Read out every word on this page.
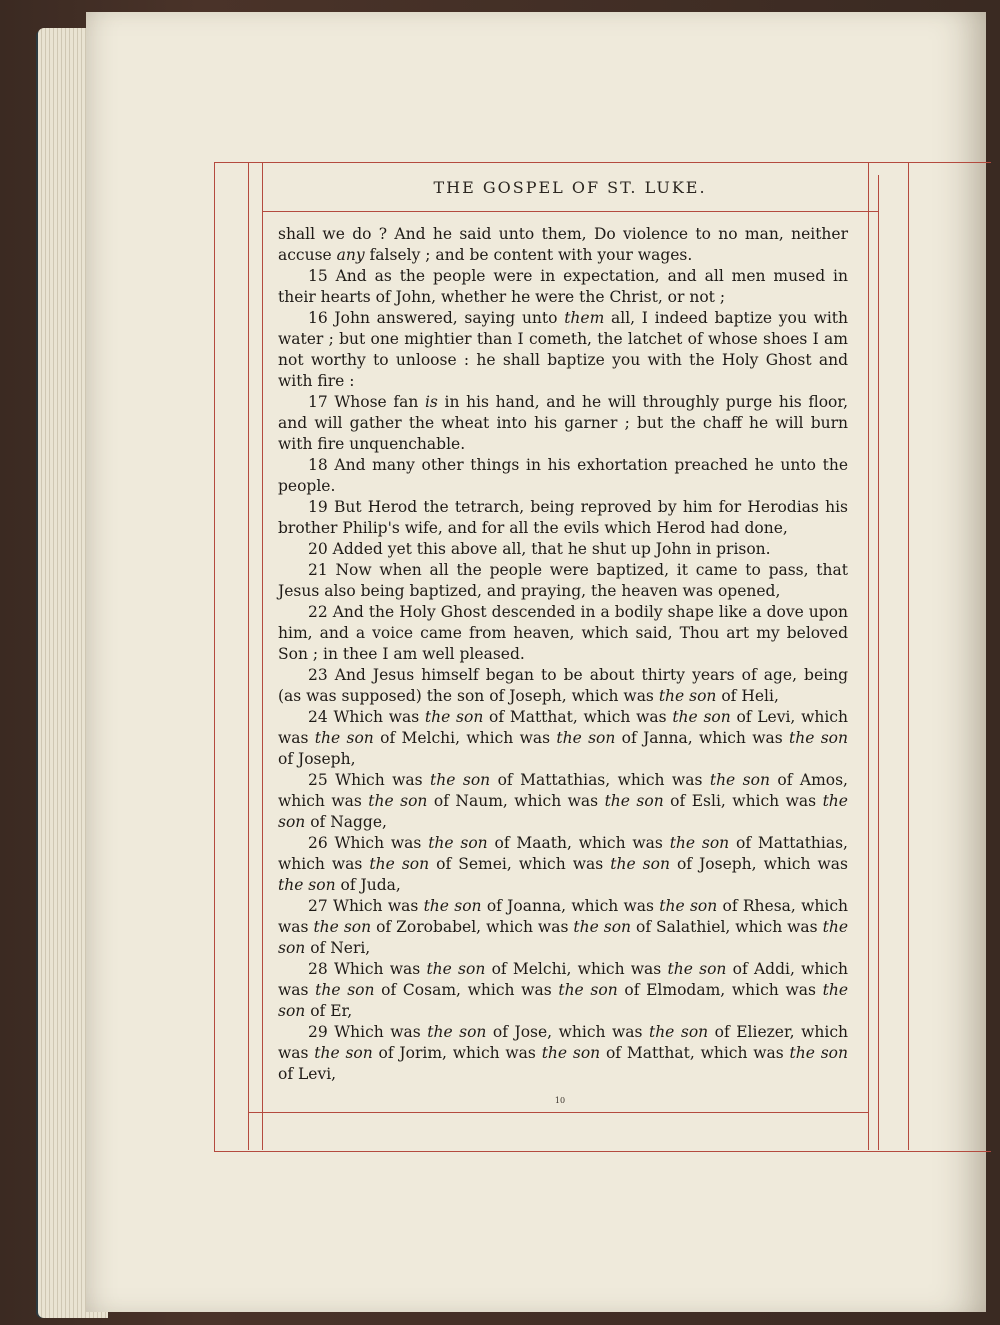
THE GOSPEL OF ST. LUKE.

shall we do ? And he said unto them, Do violence to no man, neither accuse any falsely ; and be content with your wages.

15 And as the people were in expectation, and all men mused in their hearts of John, whether he were the Christ, or not ;

16 John answered, saying unto them all, I indeed baptize you with water ; but one mightier than I cometh, the latchet of whose shoes I am not worthy to unloose : he shall baptize you with the Holy Ghost and with fire :

17 Whose fan is in his hand, and he will throughly purge his floor, and will gather the wheat into his garner ; but the chaff he will burn with fire unquenchable.

18 And many other things in his exhortation preached he unto the people.

19 But Herod the tetrarch, being reproved by him for Herodias his brother Philip's wife, and for all the evils which Herod had done,

20 Added yet this above all, that he shut up John in prison.

21 Now when all the people were baptized, it came to pass, that Jesus also being baptized, and praying, the heaven was opened,

22 And the Holy Ghost descended in a bodily shape like a dove upon him, and a voice came from heaven, which said, Thou art my beloved Son ; in thee I am well pleased.

23 And Jesus himself began to be about thirty years of age, being (as was supposed) the son of Joseph, which was the son of Heli,

24 Which was the son of Matthat, which was the son of Levi, which was the son of Melchi, which was the son of Janna, which was the son of Joseph,

25 Which was the son of Mattathias, which was the son of Amos, which was the son of Naum, which was the son of Esli, which was the son of Nagge,

26 Which was the son of Maath, which was the son of Mattathias, which was the son of Semei, which was the son of Joseph, which was the son of Juda,

27 Which was the son of Joanna, which was the son of Rhesa, which was the son of Zorobabel, which was the son of Salathiel, which was the son of Neri,

28 Which was the son of Melchi, which was the son of Addi, which was the son of Cosam, which was the son of Elmodam, which was the son of Er,

29 Which was the son of Jose, which was the son of Eliezer, which was the son of Jorim, which was the son of Matthat, which was the son of Levi,

10
